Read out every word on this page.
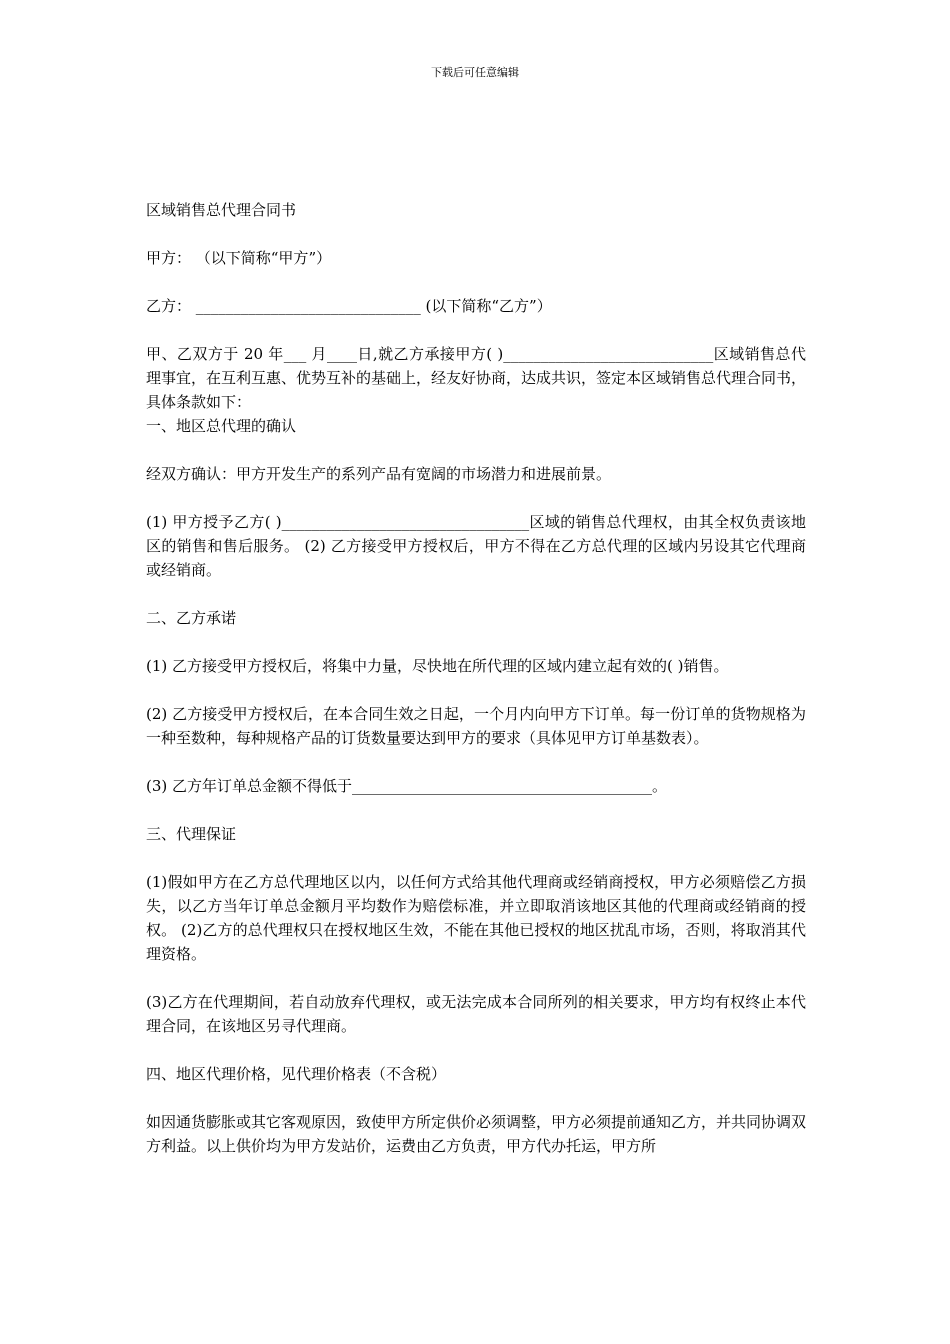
下载后可任意编辑
区域销售总代理合同书

甲方： （以下简称“甲方”）

乙方： ______________________________ (以下简称“乙方”）

甲、乙双方于 20 年___ 月____日,就乙方承接甲方( )____________________________区域销售总代理事宜，在互利互惠、优势互补的基础上，经友好协商，达成共识，签定本区域销售总代理合同书，具体条款如下：

一、地区总代理的确认

经双方确认：甲方开发生产的系列产品有宽阔的市场潜力和进展前景。

(1) 甲方授予乙方( )_________________________________区域的销售总代理权，由其全权负责该地区的销售和售后服务。 (2) 乙方接受甲方授权后，甲方不得在乙方总代理的区域内另设其它代理商或经销商。

二、乙方承诺

(1) 乙方接受甲方授权后，将集中力量，尽快地在所代理的区域内建立起有效的( )销售。

(2) 乙方接受甲方授权后，在本合同生效之日起，一个月内向甲方下订单。每一份订单的货物规格为一种至数种，每种规格产品的订货数量要达到甲方的要求（具体见甲方订单基数表）。

(3) 乙方年订单总金额不得低于________________________________________。

三、代理保证

(1)假如甲方在乙方总代理地区以内，以任何方式给其他代理商或经销商授权，甲方必须赔偿乙方损失，以乙方当年订单总金额月平均数作为赔偿标准，并立即取消该地区其他的代理商或经销商的授权。 (2)乙方的总代理权只在授权地区生效，不能在其他已授权的地区扰乱市场，否则，将取消其代理资格。

(3)乙方在代理期间，若自动放弃代理权，或无法完成本合同所列的相关要求，甲方均有权终止本代理合同，在该地区另寻代理商。

四、地区代理价格，见代理价格表（不含税）

如因通货膨胀或其它客观原因，致使甲方所定供价必须调整，甲方必须提前通知乙方，并共同协调双方利益。以上供价均为甲方发站价，运费由乙方负责，甲方代办托运，甲方所
